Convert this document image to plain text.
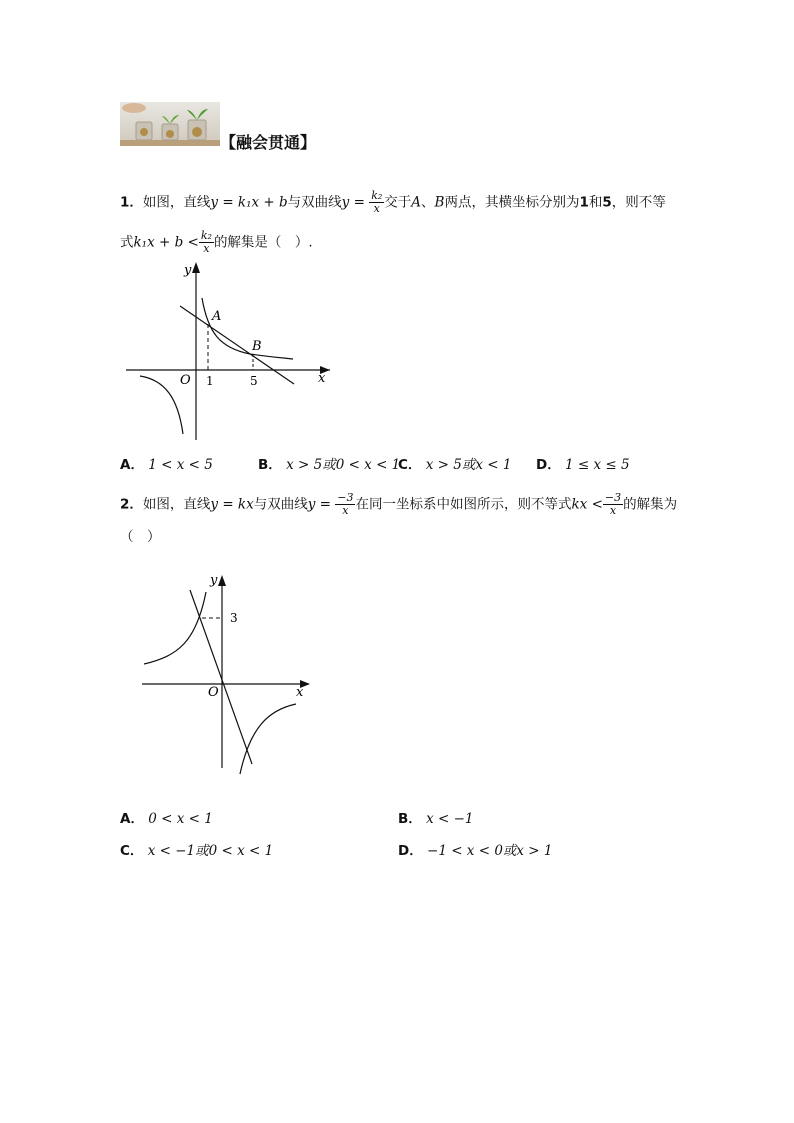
【融会贯通】
1．如图，直线y = k₁x + b与双曲线$y = \frac{\text{k₂}}{x}$ 交于A、B两点，其横坐标分别为1和5，则不等
式$k_1x + b < \frac{\text{k₂}}{x}$ 的解集是（　）.
y
x
O
A
B
1	5
A． 1 < x < 5	B． x > 5或0 < x < 1
C． x > 5或x < 1 D． 1 ≤ x ≤ 5
2．如图，直线y = kx与双曲线$y = \frac{-3}{x}$ 在同一坐标系中如图所示，则不等式kx < $\frac{-3}{x}$ 的解集为
（　）
y
x
O
3
A． 0 < x < 1	B． x < −1
C． x < −1或0 < x < 1	D． −1 < x < 0或x > 1
